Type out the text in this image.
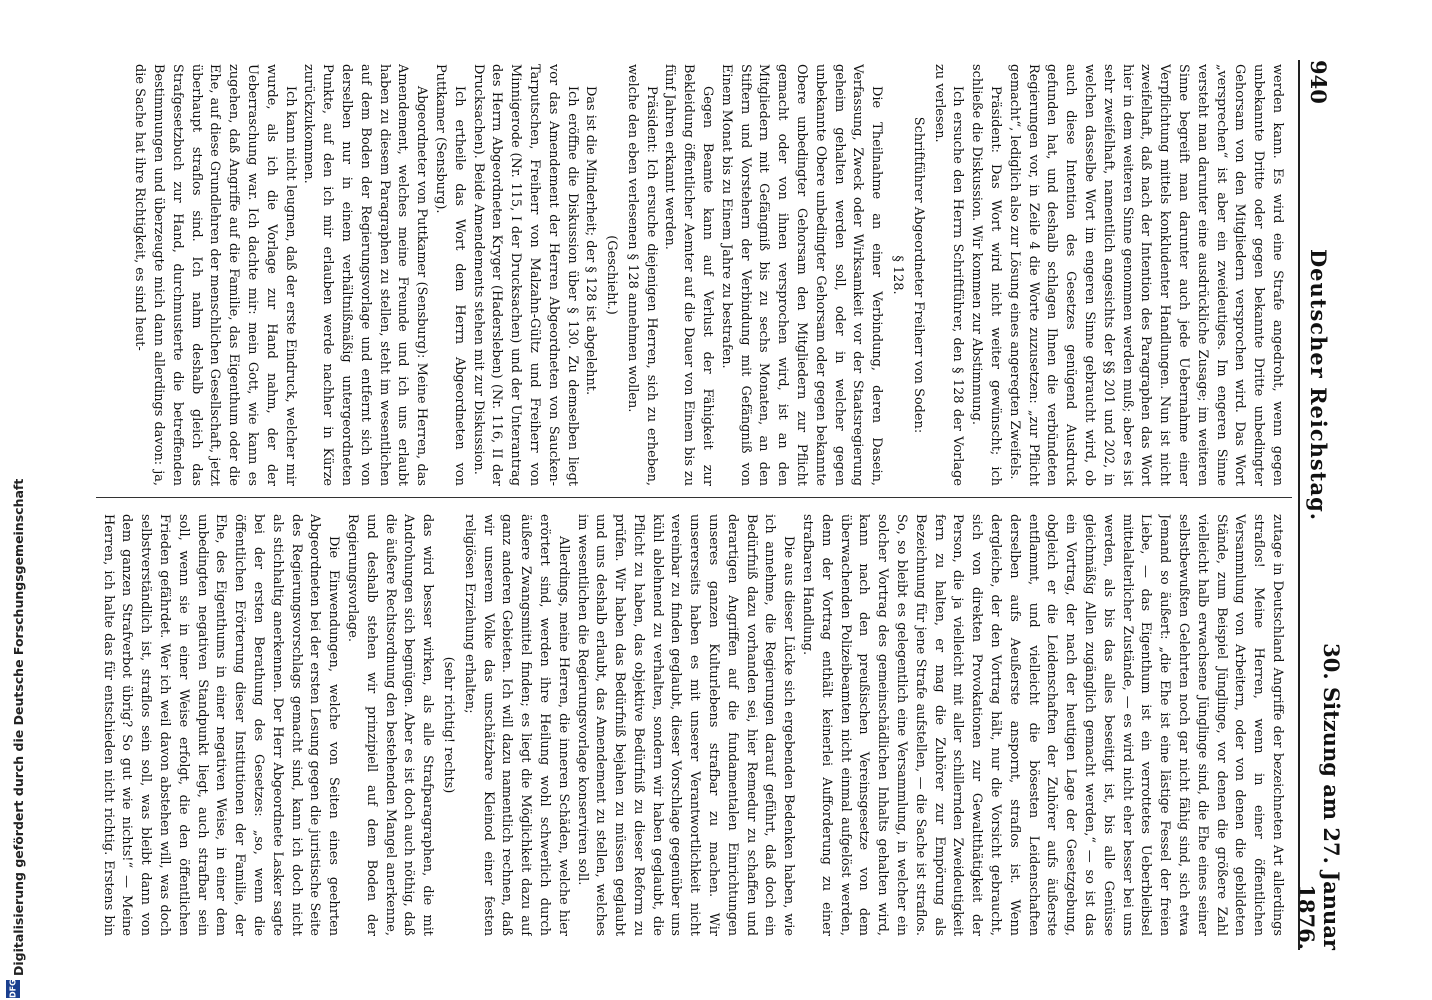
940
Deutscher Reichstag.
30. Sitzung am 27. Januar 1876.

werden kann. Es wird eine Strafe angedroht, wenn gegen unbekannte Dritte oder gegen bekannte Dritte unbedingter Gehorsam von den Mitgliedern versprochen wird. Das Wort „versprechen“ ist aber ein zweideutiges. Im engeren Sinne versteht man darunter eine ausdrückliche Zusage; im weiteren Sinne begreift man darunter auch jede Uebernahme einer Verpflichtung mittels konkludenter Handlungen. Nun ist nicht zweifelhaft, daß nach der Intention des Paragraphen das Wort hier in dem weiteren Sinne genommen werden muß; aber es ist sehr zweifelhaft, namentlich angesichts der §§ 201 und 202, in welchen dasselbe Wort im engeren Sinne gebraucht wird, ob auch diese Intention des Gesetzes genügend Ausdruck gefunden hat, und deshalb schlagen Ihnen die verbündeten Regierungen vor, in Zeile 4 die Worte zuzusetzen: „zur Pflicht gemacht“, lediglich also zur Lösung eines angeregten Zweifels.

Präsident: Das Wort wird nicht weiter gewünscht; ich schließe die Diskussion. Wir kommen zur Abstimmung.

Ich ersuche den Herrn Schriftführer, den § 128 der Vorlage zu verlesen.

Schriftführer Abgeordneter Freiherr von Soden:

§ 128.

Die Theilnahme an einer Verbindung, deren Dasein, Verfassung, Zweck oder Wirksamkeit vor der Staatsregierung geheim gehalten werden soll, oder in welcher gegen unbekannte Obere unbedingter Gehorsam oder gegen bekannte Obere unbedingter Gehorsam den Mitgliedern zur Pflicht gemacht oder von ihnen versprochen wird, ist an den Mitgliedern mit Gefängniß bis zu sechs Monaten, an den Stiftern und Vorstehern der Verbindung mit Gefängniß von Einem Monat bis zu Einem Jahre zu bestrafen.

Gegen Beamte kann auf Verlust der Fähigkeit zur Bekleidung öffentlicher Aemter auf die Dauer von Einem bis zu fünf Jahren erkannt werden.

Präsident: Ich ersuche diejenigen Herren, sich zu erheben, welche den eben verlesenen § 128 annehmen wollen.

(Geschieht.)

Das ist die Minderheit; der § 128 ist abgelehnt.

Ich eröffne die Diskussion über § 130. Zu demselben liegt vor das Amendement der Herren Abgeordneten von Saucken-Tarputschen, Freiherr von Malzahn-Gültz und Freiherr von Minnigerode (Nr. 115, I der Drucksachen) und der Unterantrag des Herrn Abgeordneten Kryger (Hadersleben) (Nr. 116, II der Drucksachen). Beide Amendements stehen mit zur Diskussion.

Ich ertheile das Wort dem Herrn Abgeordneten von Puttkamer (Sensburg).

Abgeordneter von Puttkamer (Sensburg): Meine Herren, das Amendement, welches meine Freunde und ich uns erlaubt haben zu diesem Paragraphen zu stellen, steht im wesentlichen auf dem Boden der Regierungsvorlage und entfernt sich von derselben nur in einem verhältnißmäßig untergeordneten Punkte, auf den ich mir erlauben werde nachher in Kürze zurückzukommen.

Ich kann nicht leugnen, daß der erste Eindruck, welcher mir wurde, als ich die Vorlage zur Hand nahm, der der Ueberraschung war. Ich dachte mir: mein Gott, wie kann es zugehen, daß Angriffe auf die Familie, das Eigenthum oder die Ehe, auf diese Grundlehren der menschlichen Gesellschaft, jetzt überhaupt straflos sind. Ich nahm deshalb gleich das Strafgesetzbuch zur Hand, durchmusterte die betreffenden Bestimmungen und überzeugte mich dann allerdings davon: ja, die Sache hat ihre Richtigkeit, es sind heut-

zutage in Deutschland Angriffe der bezeichneten Art allerdings straflos! Meine Herren, wenn in einer öffentlichen Versammlung von Arbeitern, oder von denen die gebildeten Stände, zum Beispiel Jünglinge, vor denen die größere Zahl vielleicht halb erwachsene Jünglinge sind, die Ehe eines seiner selbstbewußten Gelehrten noch gar nicht fähig sind, sich etwa Jemand so äußert: „die Ehe ist eine lästige Fessel der freien Liebe, — das Eigenthum ist ein verrottetes Ueberbleibsel mittelalterlicher Zustände, — es wird nicht eher besser bei uns werden, als bis das alles beseitigt ist, bis alle Genüsse gleichmäßig Allen zugänglich gemacht werden,“ — so ist das ein Vortrag, der nach der heutigen Lage der Gesetzgebung, obgleich er die Leidenschaften der Zuhörer aufs äußerste entflammt, und vielleicht die bösesten Leidenschaften derselben aufs Aeußerste anspornt, straflos ist. Wenn dergleiche, der den Vortrag hält, nur die Vorsicht gebraucht, sich von direkten Provokationen zur Gewaltthätigkeit der Person, die ja vielleicht mit aller schillernden Zweideutigkeit fern zu halten, er mag die Zuhörer zur Empörung als Bezeichnung für jene Strafe aufstellen, — die Sache ist straflos. So, so bleibt es gelegentlich eine Versammlung, in welcher ein solcher Vortrag des gemeinschädlichen Inhalts gehalten wird, kann nach den preußischen Vereinsgesetze von dem überwachenden Polizeibeamten nicht einmal aufgelöst werden, denn der Vortrag enthält keinerlei Aufforderung zu einer strafbaren Handlung.

Die aus dieser Lücke sich ergebenden Bedenken haben, wie ich annehme, die Regierungen darauf geführt, daß doch ein Bedürfniß dazu vorhanden sei, hier Remedur zu schaffen und derartigen Angriffen auf die fundamentalen Einrichtungen unseres ganzen Kulturlebens strafbar zu machen. Wir unsererseits haben es mit unserer Verantwortlichkeit nicht vereinbar zu finden geglaubt, dieser Vorschlage gegenüber uns kühl ablehnend zu verhalten, sondern wir haben geglaubt, die Pflicht zu haben, das objektive Bedürfniß zu dieser Reform zu prüfen. Wir haben das Bedürfniß bejahen zu müssen geglaubt und uns deshalb erlaubt, das Amendement zu stellen, welches im wesentlichen die Regierungsvorlage konserviren soll.

Allerdings, meine Herren, die inneren Schäden, welche hier erörtert sind, werden ihre Heilung wohl schwerlich durch äußere Zwangsmittel finden; es liegt die Möglichkeit dazu auf ganz anderen Gebieten. Ich will dazu namentlich rechnen, daß wir unserem Volke das unschätzbare Kleinod einer festen religiösen Erziehung erhalten;

(sehr richtig! rechts)

das wird besser wirken, als alle Strafparagraphen, die mit Androhungen sich begnügen. Aber es ist doch auch nöthig, daß die äußere Rechtsordnung den bestehenden Mangel anerkenne, und deshalb stehen wir prinzipiell auf dem Boden der Regierungsvorlage.

Die Einwendungen, welche von Seiten eines geehrten Abgeordneten bei der ersten Lesung gegen die juristische Seite des Regierungsvorschlags gemacht sind, kann ich doch nicht als stichhaltig anerkennen. Der Herr Abgeordnete Lasker sagte bei der ersten Berathung des Gesetzes: „so, wenn die öffentlichen Erörterung dieser Institutionen der Familie, der Ehe, des Eigenthums in einer negativen Weise, in einer dem unbedingten negativen Standpunkt liegt, auch strafbar sein soll, wenn sie in einer Weise erfolgt, die den öffentlichen Frieden gefährdet. Wer ich weil davon abstehen will, was doch selbstverständlich ist, straflos sein soll, was bleibt dann von dem ganzen Strafverbot übrig? So gut wie nichts!“ — Meine Herren, ich halte das für entschieden nicht richtig. Erstens bin

Digitalisierung gefördert durch die Deutsche Forschungsgemeinschaft
DFG
